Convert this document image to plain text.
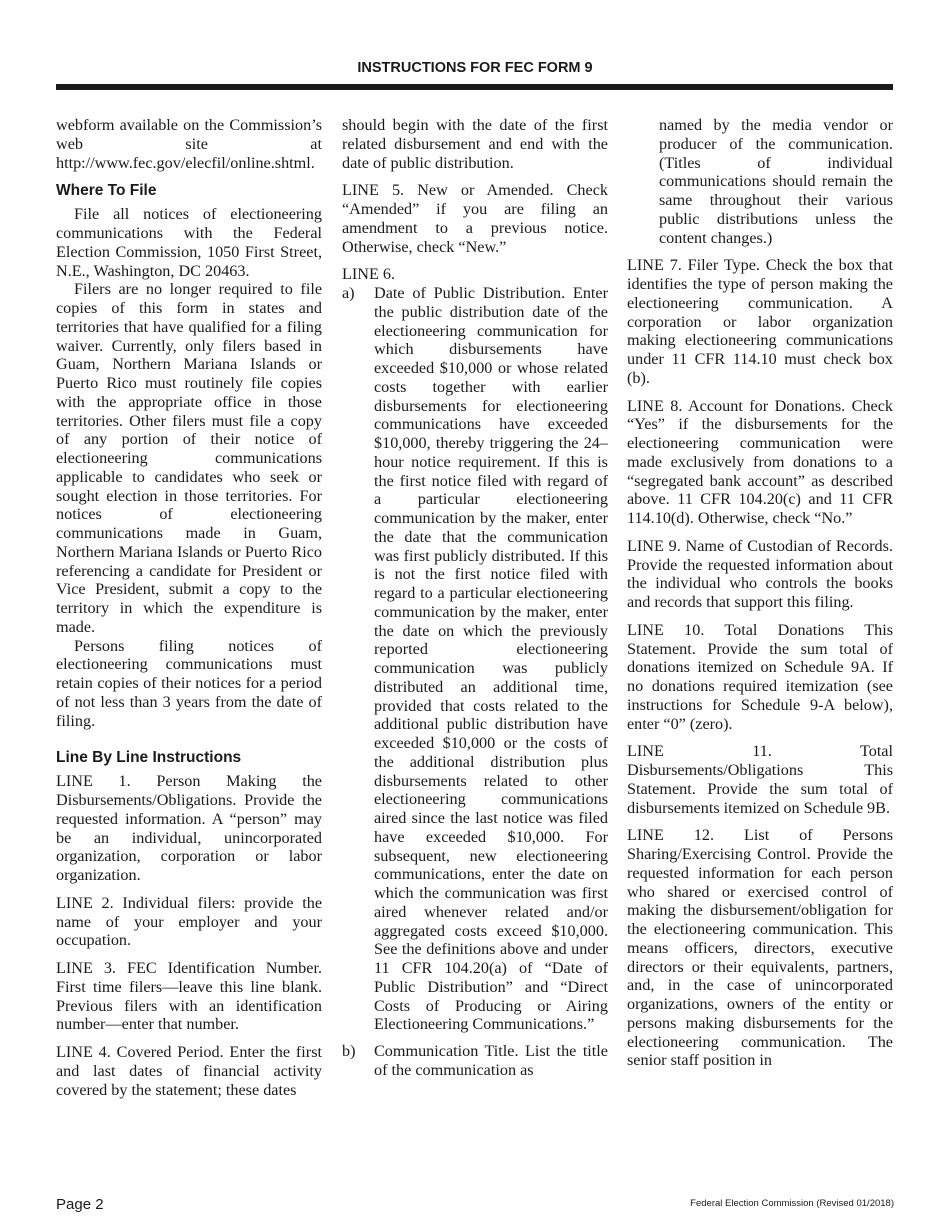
INSTRUCTIONS FOR FEC FORM 9

webform available on the Commission’s web site at http://www.fec.gov/elecfil/online.shtml.

Where To File

File all notices of electioneering communications with the Federal Election Commission, 1050 First Street, N.E., Washington, DC 20463.

Filers are no longer required to file copies of this form in states and territories that have qualified for a filing waiver. Currently, only filers based in Guam, Northern Mariana Islands or Puerto Rico must routinely file copies with the appropriate office in those territories. Other filers must file a copy of any portion of their notice of electioneering communications applicable to candidates who seek or sought election in those territories. For notices of electioneering communications made in Guam, Northern Mariana Islands or Puerto Rico referencing a candidate for President or Vice President, submit a copy to the territory in which the expenditure is made.

Persons filing notices of electioneering communications must retain copies of their notices for a period of not less than 3 years from the date of filing.

Line By Line Instructions

LINE 1. Person Making the Disbursements/Obligations. Provide the requested information. A “person” may be an individual, unincorporated organization, corporation or labor organization.

LINE 2. Individual filers: provide the name of your employer and your occupation.

LINE 3. FEC Identification Number. First time filers—leave this line blank. Previous filers with an identification number—enter that number.

LINE 4. Covered Period. Enter the first and last dates of financial activity covered by the statement; these dates

should begin with the date of the first related disbursement and end with the date of public distribution.

LINE 5. New or Amended. Check “Amended” if you are filing an amendment to a previous notice. Otherwise, check “New.”

LINE 6.

a)	Date of Public Distribution. Enter the public distribution date of the electioneering communication for which disbursements have exceeded $10,000 or whose related costs together with earlier disbursements for electioneering communications have exceeded $10,000, thereby triggering the 24–hour notice requirement. If this is the first notice filed with regard of a particular electioneering communication by the maker, enter the date that the communication was first publicly distributed. If this is not the first notice filed with regard to a particular electioneering communication by the maker, enter the date on which the previously reported electioneering communication was publicly distributed an additional time, provided that costs related to the additional public distribution have exceeded $10,000 or the costs of the additional distribution plus disbursements related to other electioneering communications aired since the last notice was filed have exceeded $10,000. For subsequent, new electioneering communications, enter the date on which the communication was first aired whenever related and/or aggregated costs exceed $10,000. See the definitions above and under 11 CFR 104.20(a) of “Date of Public Distribution” and “Direct Costs of Producing or Airing Electioneering Communications.”
b)	Communication Title. List the title of the communication as
named by the media vendor or producer of the communication. (Titles of individual communications should remain the same throughout their various public distributions unless the content changes.)

LINE 7. Filer Type. Check the box that identifies the type of person making the electioneering communication. A corporation or labor organization making electioneering communications under 11 CFR 114.10 must check box (b).

LINE 8. Account for Donations. Check “Yes” if the disbursements for the electioneering communication were made exclusively from donations to a “segregated bank account” as described above. 11 CFR 104.20(c) and 11 CFR 114.10(d). Otherwise, check “No.”

LINE 9. Name of Custodian of Records. Provide the requested information about the individual who controls the books and records that support this filing.

LINE 10. Total Donations This Statement. Provide the sum total of donations itemized on Schedule 9A. If no donations required itemization (see instructions for Schedule 9-A below), enter “0” (zero).

LINE 11. Total Disbursements/Obligations This Statement. Provide the sum total of disbursements itemized on Schedule 9B.

LINE 12. List of Persons Sharing/Exercising Control. Provide the requested information for each person who shared or exercised control of making the disbursement/obligation for the electioneering communication. This means officers, directors, executive directors or their equivalents, partners, and, in the case of unincorporated organizations, owners of the entity or persons making disbursements for the electioneering communication. The senior staff position in

Page 2	Federal Election Commission (Revised 01/2018)
